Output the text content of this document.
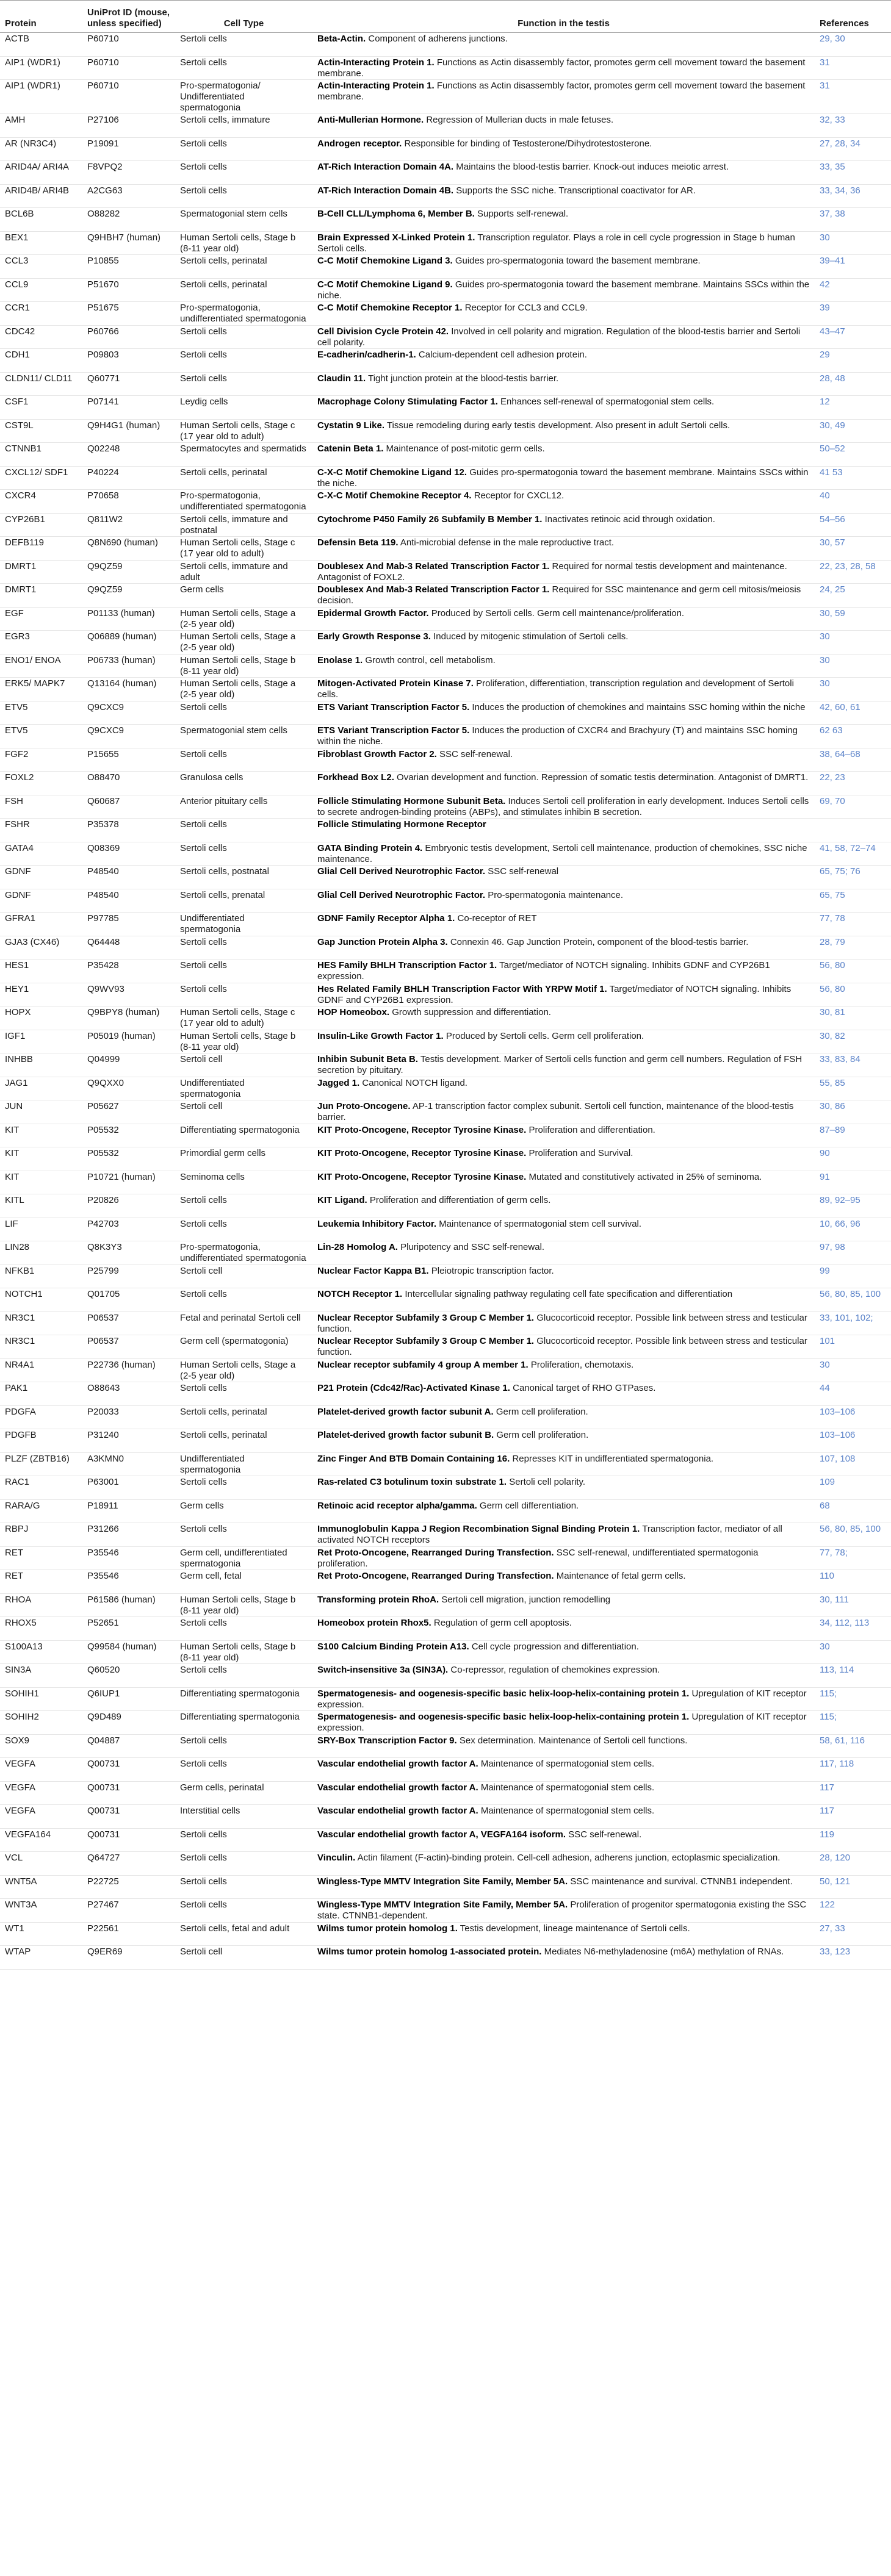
Protein	UniProt ID (mouse, unless specified)	Cell Type	Function in the testis	References
ACTB	P60710	Sertoli cells	Beta-Actin. Component of adherens junctions.	29, 30
AIP1 (WDR1)	P60710	Sertoli cells	Actin-Interacting Protein 1. Functions as Actin disassembly factor, promotes germ cell movement toward the basement membrane.	31
AIP1 (WDR1)	P60710	Pro-spermatogonia/ Undifferentiated spermatogonia	Actin-Interacting Protein 1. Functions as Actin disassembly factor, promotes germ cell movement toward the basement membrane.	31
AMH	P27106	Sertoli cells, immature	Anti-Mullerian Hormone. Regression of Mullerian ducts in male fetuses.	32, 33
AR (NR3C4)	P19091	Sertoli cells	Androgen receptor. Responsible for binding of Testosterone/Dihydrotestosterone.	27, 28, 34
ARID4A/ ARI4A	F8VPQ2	Sertoli cells	AT-Rich Interaction Domain 4A. Maintains the blood-testis barrier. Knock-out induces meiotic arrest.	33, 35
ARID4B/ ARI4B	A2CG63	Sertoli cells	AT-Rich Interaction Domain 4B. Supports the SSC niche. Transcriptional coactivator for AR.	33, 34, 36
BCL6B	O88282	Spermatogonial stem cells	B-Cell CLL/Lymphoma 6, Member B. Supports self-renewal.	37, 38
BEX1	Q9HBH7 (human)	Human Sertoli cells, Stage b (8-11 year old)	Brain Expressed X-Linked Protein 1. Transcription regulator. Plays a role in cell cycle progression in Stage b human Sertoli cells.	30
CCL3	P10855	Sertoli cells, perinatal	C-C Motif Chemokine Ligand 3. Guides pro-spermatogonia toward the basement membrane.	39–41
CCL9	P51670	Sertoli cells, perinatal	C-C Motif Chemokine Ligand 9. Guides pro-spermatogonia toward the basement membrane. Maintains SSCs within the niche.	42
CCR1	P51675	Pro-spermatogonia, undifferentiated spermatogonia	C-C Motif Chemokine Receptor 1. Receptor for CCL3 and CCL9.	39
CDC42	P60766	Sertoli cells	Cell Division Cycle Protein 42. Involved in cell polarity and migration. Regulation of the blood-testis barrier and Sertoli cell polarity.	43–47
CDH1	P09803	Sertoli cells	E-cadherin/cadherin-1. Calcium-dependent cell adhesion protein.	29
CLDN11/ CLD11	Q60771	Sertoli cells	Claudin 11. Tight junction protein at the blood-testis barrier.	28, 48
CSF1	P07141	Leydig cells	Macrophage Colony Stimulating Factor 1. Enhances self-renewal of spermatogonial stem cells.	12
CST9L	Q9H4G1 (human)	Human Sertoli cells, Stage c (17 year old to adult)	Cystatin 9 Like. Tissue remodeling during early testis development. Also present in adult Sertoli cells.	30, 49
CTNNB1	Q02248	Spermatocytes and spermatids	Catenin Beta 1. Maintenance of post-mitotic germ cells.	50–52
CXCL12/ SDF1	P40224	Sertoli cells, perinatal	C-X-C Motif Chemokine Ligand 12. Guides pro-spermatogonia toward the basement membrane. Maintains SSCs within the niche.	41 53
CXCR4	P70658	Pro-spermatogonia, undifferentiated spermatogonia	C-X-C Motif Chemokine Receptor 4. Receptor for CXCL12.	40
CYP26B1	Q811W2	Sertoli cells, immature and postnatal	Cytochrome P450 Family 26 Subfamily B Member 1. Inactivates retinoic acid through oxidation.	54–56
DEFB119	Q8N690 (human)	Human Sertoli cells, Stage c (17 year old to adult)	Defensin Beta 119. Anti-microbial defense in the male reproductive tract.	30, 57
DMRT1	Q9QZ59	Sertoli cells, immature and adult	Doublesex And Mab-3 Related Transcription Factor 1. Required for normal testis development and maintenance. Antagonist of FOXL2.	22, 23, 28, 58
DMRT1	Q9QZ59	Germ cells	Doublesex And Mab-3 Related Transcription Factor 1. Required for SSC maintenance and germ cell mitosis/meiosis decision.	24, 25
EGF	P01133 (human)	Human Sertoli cells, Stage a (2-5 year old)	Epidermal Growth Factor. Produced by Sertoli cells. Germ cell maintenance/proliferation.	30, 59
EGR3	Q06889 (human)	Human Sertoli cells, Stage a (2-5 year old)	Early Growth Response 3. Induced by mitogenic stimulation of Sertoli cells.	30
ENO1/ ENOA	P06733 (human)	Human Sertoli cells, Stage b (8-11 year old)	Enolase 1. Growth control, cell metabolism.	30
ERK5/ MAPK7	Q13164 (human)	Human Sertoli cells, Stage a (2-5 year old)	Mitogen-Activated Protein Kinase 7. Proliferation, differentiation, transcription regulation and development of Sertoli cells.	30
ETV5	Q9CXC9	Sertoli cells	ETS Variant Transcription Factor 5. Induces the production of chemokines and maintains SSC homing within the niche	42, 60, 61
ETV5	Q9CXC9	Spermatogonial stem cells	ETS Variant Transcription Factor 5. Induces the production of CXCR4 and Brachyury (T) and maintains SSC homing within the niche.	62 63
FGF2	P15655	Sertoli cells	Fibroblast Growth Factor 2. SSC self-renewal.	38, 64–68
FOXL2	O88470	Granulosa cells	Forkhead Box L2. Ovarian development and function. Repression of somatic testis determination. Antagonist of DMRT1.	22, 23
FSH	Q60687	Anterior pituitary cells	Follicle Stimulating Hormone Subunit Beta. Induces Sertoli cell proliferation in early development. Induces Sertoli cells to secrete androgen-binding proteins (ABPs), and stimulates inhibin B secretion.	69, 70
FSHR	P35378	Sertoli cells	Follicle Stimulating Hormone Receptor	
GATA4	Q08369	Sertoli cells	GATA Binding Protein 4. Embryonic testis development, Sertoli cell maintenance, production of chemokines, SSC niche maintenance.	41, 58, 72–74
GDNF	P48540	Sertoli cells, postnatal	Glial Cell Derived Neurotrophic Factor. SSC self-renewal	65, 75; 76
GDNF	P48540	Sertoli cells, prenatal	Glial Cell Derived Neurotrophic Factor. Pro-spermatogonia maintenance.	65, 75
GFRA1	P97785	Undifferentiated spermatogonia	GDNF Family Receptor Alpha 1. Co-receptor of RET	77, 78
GJA3 (CX46)	Q64448	Sertoli cells	Gap Junction Protein Alpha 3. Connexin 46. Gap Junction Protein, component of the blood-testis barrier.	28, 79
HES1	P35428	Sertoli cells	HES Family BHLH Transcription Factor 1. Target/mediator of NOTCH signaling. Inhibits GDNF and CYP26B1 expression.	56, 80
HEY1	Q9WV93	Sertoli cells	Hes Related Family BHLH Transcription Factor With YRPW Motif 1. Target/mediator of NOTCH signaling. Inhibits GDNF and CYP26B1 expression.	56, 80
HOPX	Q9BPY8 (human)	Human Sertoli cells, Stage c (17 year old to adult)	HOP Homeobox. Growth suppression and differentiation.	30, 81
IGF1	P05019 (human)	Human Sertoli cells, Stage b (8-11 year old)	Insulin-Like Growth Factor 1. Produced by Sertoli cells. Germ cell proliferation.	30, 82
INHBB	Q04999	Sertoli cell	Inhibin Subunit Beta B. Testis development. Marker of Sertoli cells function and germ cell numbers. Regulation of FSH secretion by pituitary.	33, 83, 84
JAG1	Q9QXX0	Undifferentiated spermatogonia	Jagged 1. Canonical NOTCH ligand.	55, 85
JUN	P05627	Sertoli cell	Jun Proto-Oncogene. AP-1 transcription factor complex subunit. Sertoli cell function, maintenance of the blood-testis barrier.	30, 86
KIT	P05532	Differentiating spermatogonia	KIT Proto-Oncogene, Receptor Tyrosine Kinase. Proliferation and differentiation.	87–89
KIT	P05532	Primordial germ cells	KIT Proto-Oncogene, Receptor Tyrosine Kinase. Proliferation and Survival.	90
KIT	P10721 (human)	Seminoma cells	KIT Proto-Oncogene, Receptor Tyrosine Kinase. Mutated and constitutively activated in 25% of seminoma.	91
KITL	P20826	Sertoli cells	KIT Ligand. Proliferation and differentiation of germ cells.	89, 92–95
LIF	P42703	Sertoli cells	Leukemia Inhibitory Factor. Maintenance of spermatogonial stem cell survival.	10, 66, 96
LIN28	Q8K3Y3	Pro-spermatogonia, undifferentiated spermatogonia	Lin-28 Homolog A. Pluripotency and SSC self-renewal.	97, 98
NFKB1	P25799	Sertoli cell	Nuclear Factor Kappa B1. Pleiotropic transcription factor.	99
NOTCH1	Q01705	Sertoli cells	NOTCH Receptor 1. Intercellular signaling pathway regulating cell fate specification and differentiation	56, 80, 85, 100
NR3C1	P06537	Fetal and perinatal Sertoli cell	Nuclear Receptor Subfamily 3 Group C Member 1. Glucocorticoid receptor. Possible link between stress and testicular function.	33, 101, 102;
NR3C1	P06537	Germ cell (spermatogonia)	Nuclear Receptor Subfamily 3 Group C Member 1. Glucocorticoid receptor. Possible link between stress and testicular function.	101
NR4A1	P22736 (human)	Human Sertoli cells, Stage a (2-5 year old)	Nuclear receptor subfamily 4 group A member 1. Proliferation, chemotaxis.	30
PAK1	O88643	Sertoli cells	P21 Protein (Cdc42/Rac)-Activated Kinase 1. Canonical target of RHO GTPases.	44
PDGFA	P20033	Sertoli cells, perinatal	Platelet-derived growth factor subunit A. Germ cell proliferation.	103–106
PDGFB	P31240	Sertoli cells, perinatal	Platelet-derived growth factor subunit B. Germ cell proliferation.	103–106
PLZF (ZBTB16)	A3KMN0	Undifferentiated spermatogonia	Zinc Finger And BTB Domain Containing 16. Represses KIT in undifferentiated spermatogonia.	107, 108
RAC1	P63001	Sertoli cells	Ras-related C3 botulinum toxin substrate 1. Sertoli cell polarity.	109
RARA/G	P18911	Germ cells	Retinoic acid receptor alpha/gamma. Germ cell differentiation.	68
RBPJ	P31266	Sertoli cells	Immunoglobulin Kappa J Region Recombination Signal Binding Protein 1. Transcription factor, mediator of all activated NOTCH receptors	56, 80, 85, 100
RET	P35546	Germ cell, undifferentiated spermatogonia	Ret Proto-Oncogene, Rearranged During Transfection. SSC self-renewal, undifferentiated spermatogonia proliferation.	77, 78;
RET	P35546	Germ cell, fetal	Ret Proto-Oncogene, Rearranged During Transfection. Maintenance of fetal germ cells.	110
RHOA	P61586 (human)	Human Sertoli cells, Stage b (8-11 year old)	Transforming protein RhoA. Sertoli cell migration, junction remodelling	30, 111
RHOX5	P52651	Sertoli cells	Homeobox protein Rhox5. Regulation of germ cell apoptosis.	34, 112, 113
S100A13	Q99584 (human)	Human Sertoli cells, Stage b (8-11 year old)	S100 Calcium Binding Protein A13. Cell cycle progression and differentiation.	30
SIN3A	Q60520	Sertoli cells	Switch-insensitive 3a (SIN3A). Co-repressor, regulation of chemokines expression.	113, 114
SOHIH1	Q6IUP1	Differentiating spermatogonia	Spermatogenesis- and oogenesis-specific basic helix-loop-helix-containing protein 1. Upregulation of KIT receptor expression.	115;
SOHIH2	Q9D489	Differentiating spermatogonia	Spermatogenesis- and oogenesis-specific basic helix-loop-helix-containing protein 1. Upregulation of KIT receptor expression.	115;
SOX9	Q04887	Sertoli cells	SRY-Box Transcription Factor 9. Sex determination. Maintenance of Sertoli cell functions.	58, 61, 116
VEGFA	Q00731	Sertoli cells	Vascular endothelial growth factor A. Maintenance of spermatogonial stem cells.	117, 118
VEGFA	Q00731	Germ cells, perinatal	Vascular endothelial growth factor A. Maintenance of spermatogonial stem cells.	117
VEGFA	Q00731	Interstitial cells	Vascular endothelial growth factor A. Maintenance of spermatogonial stem cells.	117
VEGFA164	Q00731	Sertoli cells	Vascular endothelial growth factor A, VEGFA164 isoform. SSC self-renewal.	119
VCL	Q64727	Sertoli cells	Vinculin. Actin filament (F-actin)-binding protein. Cell-cell adhesion, adherens junction, ectoplasmic specialization.	28, 120
WNT5A	P22725	Sertoli cells	Wingless-Type MMTV Integration Site Family, Member 5A. SSC maintenance and survival. CTNNB1 independent.	50, 121
WNT3A	P27467	Sertoli cells	Wingless-Type MMTV Integration Site Family, Member 5A. Proliferation of progenitor spermatogonia existing the SSC state. CTNNB1-dependent.	122
WT1	P22561	Sertoli cells, fetal and adult	Wilms tumor protein homolog 1. Testis development, lineage maintenance of Sertoli cells.	27, 33
WTAP	Q9ER69	Sertoli cell	Wilms tumor protein homolog 1-associated protein. Mediates N6-methyladenosine (m6A) methylation of RNAs.	33, 123
